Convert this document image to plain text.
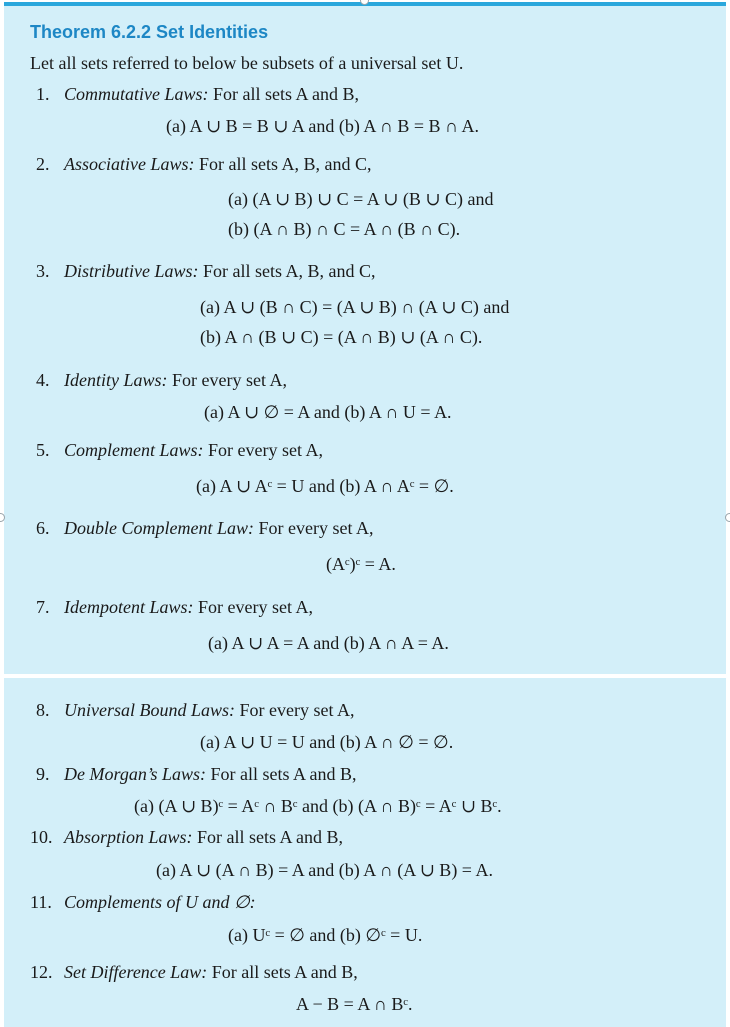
Theorem 6.2.2 Set Identities
Let all sets referred to below be subsets of a universal set U.
1. Commutative Laws: For all sets A and B,
(a) A ∪ B = B ∪ A and (b) A ∩ B = B ∩ A.
2. Associative Laws: For all sets A, B, and C,
(a) (A ∪ B) ∪ C = A ∪ (B ∪ C) and
(b) (A ∩ B) ∩ C = A ∩ (B ∩ C).
3. Distributive Laws: For all sets A, B, and C,
(a) A ∪ (B ∩ C) = (A ∪ B) ∩ (A ∪ C) and
(b) A ∩ (B ∪ C) = (A ∩ B) ∪ (A ∩ C).
4. Identity Laws: For every set A,
(a) A ∪ ∅ = A and (b) A ∩ U = A.
5. Complement Laws: For every set A,
(a) A ∪ Aᶜ = U and (b) A ∩ Aᶜ = ∅.
6. Double Complement Law: For every set A,
(Aᶜ)ᶜ = A.
7. Idempotent Laws: For every set A,
(a) A ∪ A = A and (b) A ∩ A = A.
8. Universal Bound Laws: For every set A,
(a) A ∪ U = U and (b) A ∩ ∅ = ∅.
9. De Morgan’s Laws: For all sets A and B,
(a) (A ∪ B)ᶜ = Aᶜ ∩ Bᶜ and (b) (A ∩ B)ᶜ = Aᶜ ∪ Bᶜ.
10. Absorption Laws: For all sets A and B,
(a) A ∪ (A ∩ B) = A and (b) A ∩ (A ∪ B) = A.
11. Complements of U and ∅:
(a) Uᶜ = ∅ and (b) ∅ᶜ = U.
12. Set Difference Law: For all sets A and B,
A − B = A ∩ Bᶜ.
